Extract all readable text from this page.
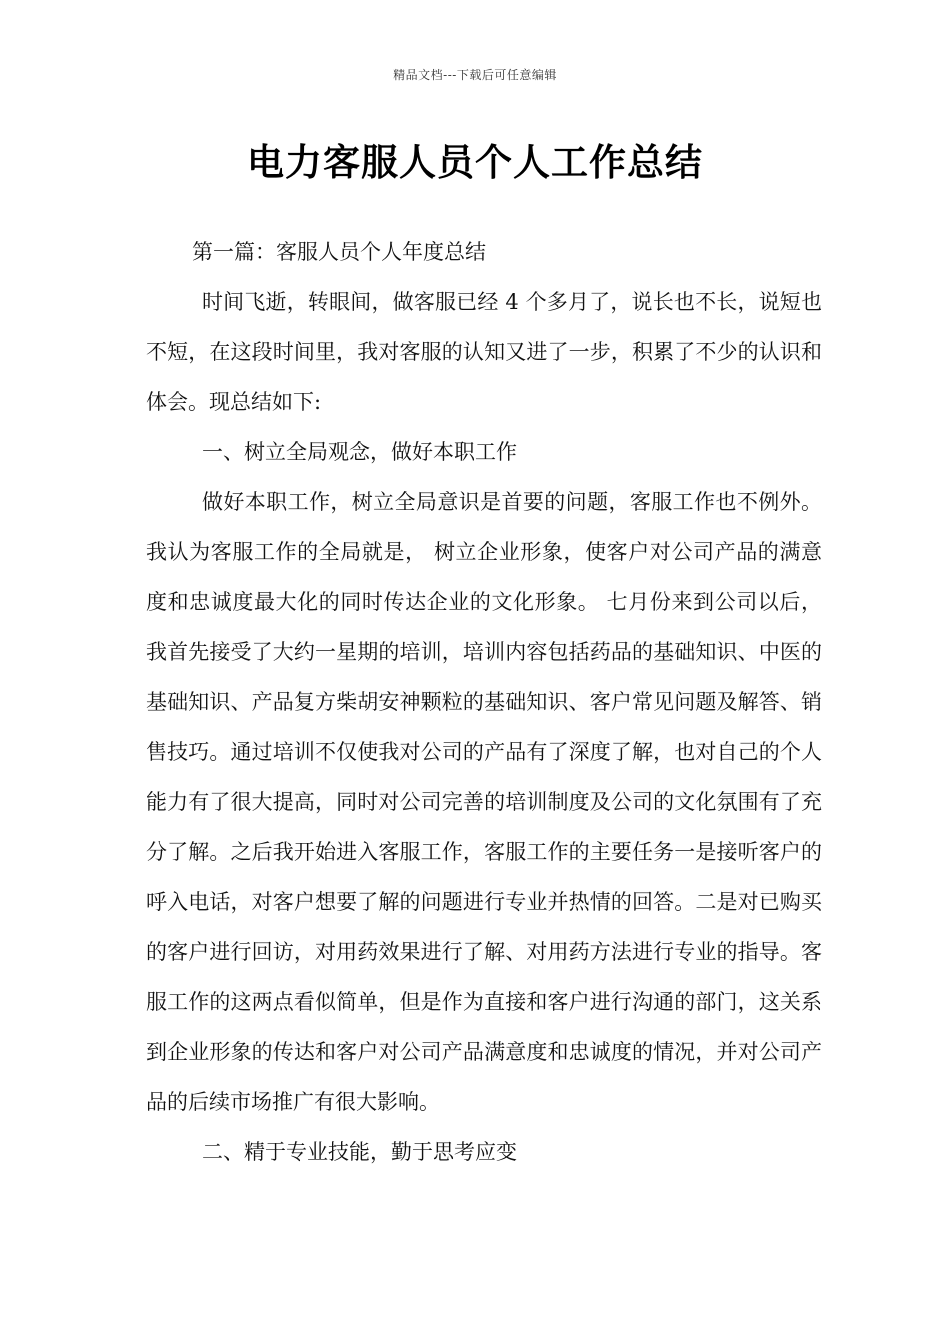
精品文档---下载后可任意编辑
电力客服人员个人工作总结

第一篇：客服人员个人年度总结

时间飞逝，转眼间，做客服已经 4 个多月了，说长也不长，说短也不短，在这段时间里，我对客服的认知又进了一步，积累了不少的认识和体会。现总结如下:

一、树立全局观念，做好本职工作

做好本职工作，树立全局意识是首要的问题，客服工作也不例外。我认为客服工作的全局就是， 树立企业形象，使客户对公司产品的满意度和忠诚度最大化的同时传达企业的文化形象。 七月份来到公司以后，我首先接受了大约一星期的培训，培训内容包括药品的基础知识、中医的基础知识、产品复方柴胡安神颗粒的基础知识、客户常见问题及解答、销售技巧。通过培训不仅使我对公司的产品有了深度了解，也对自己的个人能力有了很大提高，同时对公司完善的培训制度及公司的文化氛围有了充分了解。之后我开始进入客服工作，客服工作的主要任务一是接听客户的呼入电话，对客户想要了解的问题进行专业并热情的回答。二是对已购买的客户进行回访，对用药效果进行了解、对用药方法进行专业的指导。客服工作的这两点看似简单，但是作为直接和客户进行沟通的部门，这关系到企业形象的传达和客户对公司产品满意度和忠诚度的情况，并对公司产品的后续市场推广有很大影响。

二、精于专业技能，勤于思考应变
